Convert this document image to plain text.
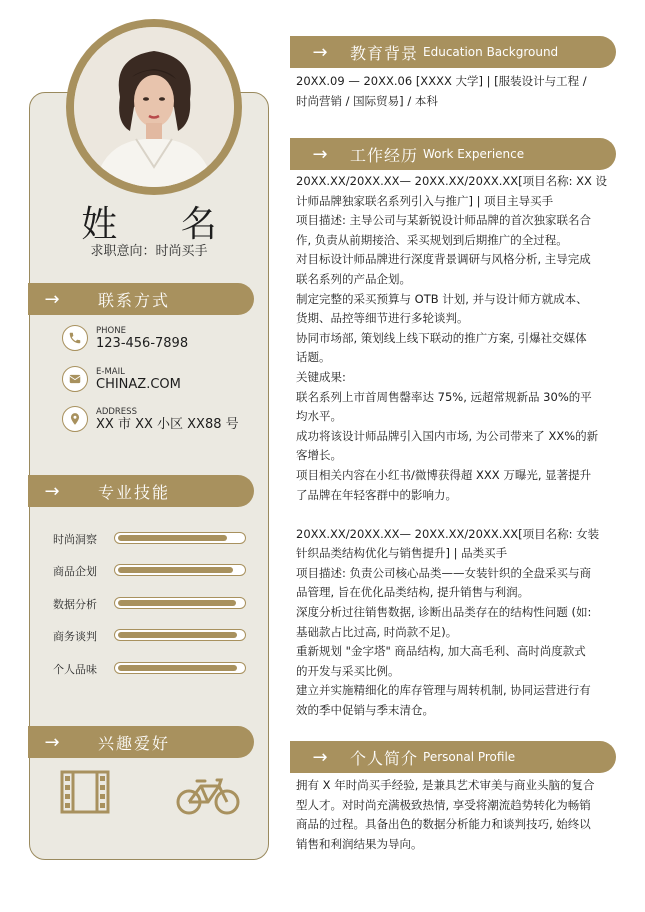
姓 名
求职意向：时尚买手
→	联系方式
PHONE
123-456-7898
E-MAIL
CHINAZ.COM
ADDRESS
XX 市 XX 小区 XX88 号
→	专业技能
时尚洞察
商品企划
数据分析
商务谈判
个人品味
→	兴趣爱好
→	教育背景 Education Background

20XX.09 — 20XX.06 [XXXX 大学] | [服装设计与工程 /

时尚营销 / 国际贸易] / 本科

→	工作经历 Work Experience

20XX.XX/20XX.XX— 20XX.XX/20XX.XX[项目名称: XX 设

计师品牌独家联名系列引入与推广] | 项目主导买手

项目描述: 主导公司与某新锐设计师品牌的首次独家联名合

作, 负责从前期接洽、采买规划到后期推广的全过程。

对目标设计师品牌进行深度背景调研与风格分析, 主导完成

联名系列的产品企划。

制定完整的采买预算与 OTB 计划, 并与设计师方就成本、

货期、品控等细节进行多轮谈判。

协同市场部, 策划线上线下联动的推广方案, 引爆社交媒体

话题。

关键成果:

联名系列上市首周售罄率达 75%, 远超常规新品 30%的平

均水平。

成功将该设计师品牌引入国内市场, 为公司带来了 XX%的新

客增长。

项目相关内容在小红书/微博获得超 XXX 万曝光, 显著提升

了品牌在年轻客群中的影响力。

20XX.XX/20XX.XX— 20XX.XX/20XX.XX[项目名称: 女装

针织品类结构优化与销售提升] | 品类买手

项目描述: 负责公司核心品类——女装针织的全盘采买与商

品管理, 旨在优化品类结构, 提升销售与利润。

深度分析过往销售数据, 诊断出品类存在的结构性问题 (如:

基础款占比过高, 时尚款不足)。

重新规划 "金字塔" 商品结构, 加大高毛利、高时尚度款式

的开发与采买比例。

建立并实施精细化的库存管理与周转机制, 协同运营进行有

效的季中促销与季末清仓。

→	个人简介 Personal Profile

拥有 X 年时尚买手经验, 是兼具艺术审美与商业头脑的复合

型人才。对时尚充满极致热情, 享受将潮流趋势转化为畅销

商品的过程。具备出色的数据分析能力和谈判技巧, 始终以

销售和利润结果为导向。
